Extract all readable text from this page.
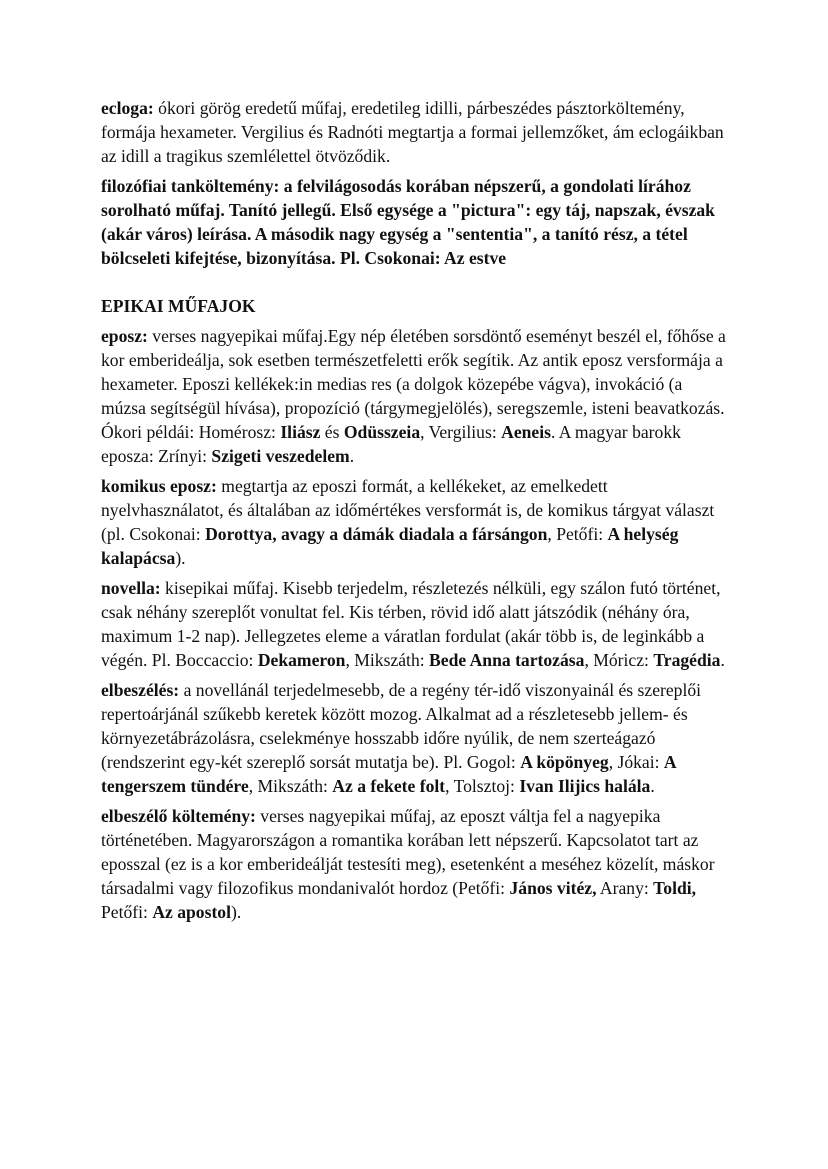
ecloga: ókori görög eredetű műfaj, eredetileg idilli, párbeszédes pásztorköltemény, formája hexameter. Vergilius és Radnóti megtartja a formai jellemzőket, ám eclogáikban az idill a tragikus szemlélettel ötvöződik.

filozófiai tanköltemény: a felvilágosodás korában népszerű, a gondolati lírához sorolható műfaj. Tanító jellegű. Első egysége a "pictura": egy táj, napszak, évszak (akár város) leírása. A második nagy egység a "sententia", a tanító rész, a tétel bölcseleti kifejtése, bizonyítása. Pl. Csokonai: Az estve

EPIKAI MŰFAJOK

eposz: verses nagyepikai műfaj.Egy nép életében sorsdöntő eseményt beszél el, főhőse a kor emberideálja, sok esetben természetfeletti erők segítik. Az antik eposz versformája a hexameter. Eposzi kellékek:in medias res (a dolgok közepébe vágva), invokáció (a múzsa segítségül hívása), propozíció (tárgymegjelölés), seregszemle, isteni beavatkozás. Ókori példái: Homérosz: Iliász és Odüsszeia, Vergilius: Aeneis. A magyar barokk eposza: Zrínyi: Szigeti veszedelem.

komikus eposz: megtartja az eposzi formát, a kellékeket, az emelkedett nyelvhasználatot, és általában az időmértékes versformát is, de komikus tárgyat választ (pl. Csokonai: Dorottya, avagy a dámák diadala a fársángon, Petőfi: A helység kalapácsa).

novella: kisepikai műfaj. Kisebb terjedelm, részletezés nélküli, egy szálon futó történet, csak néhány szereplőt vonultat fel. Kis térben, rövid idő alatt játszódik (néhány óra, maximum 1-2 nap). Jellegzetes eleme a váratlan fordulat (akár több is, de leginkább a végén. Pl. Boccaccio: Dekameron, Mikszáth: Bede Anna tartozása, Móricz: Tragédia.

elbeszélés: a novellánál terjedelmesebb, de a regény tér-idő viszonyainál és szereplői repertoárjánál szűkebb keretek között mozog. Alkalmat ad a részletesebb jellem- és környezetábrázolásra, cselekménye hosszabb időre nyúlik, de nem szerteágazó (rendszerint egy-két szereplő sorsát mutatja be). Pl. Gogol: A köpönyeg, Jókai: A tengerszem tündére, Mikszáth: Az a fekete folt, Tolsztoj: Ivan Ilijics halála.

elbeszélő költemény: verses nagyepikai műfaj, az eposzt váltja fel a nagyepika történetében. Magyarországon a romantika korában lett népszerű. Kapcsolatot tart az eposszal (ez is a kor emberideálját testesíti meg), esetenként a meséhez közelít, máskor társadalmi vagy filozofikus mondanivalót hordoz (Petőfi: János vitéz, Arany: Toldi, Petőfi: Az apostol).
